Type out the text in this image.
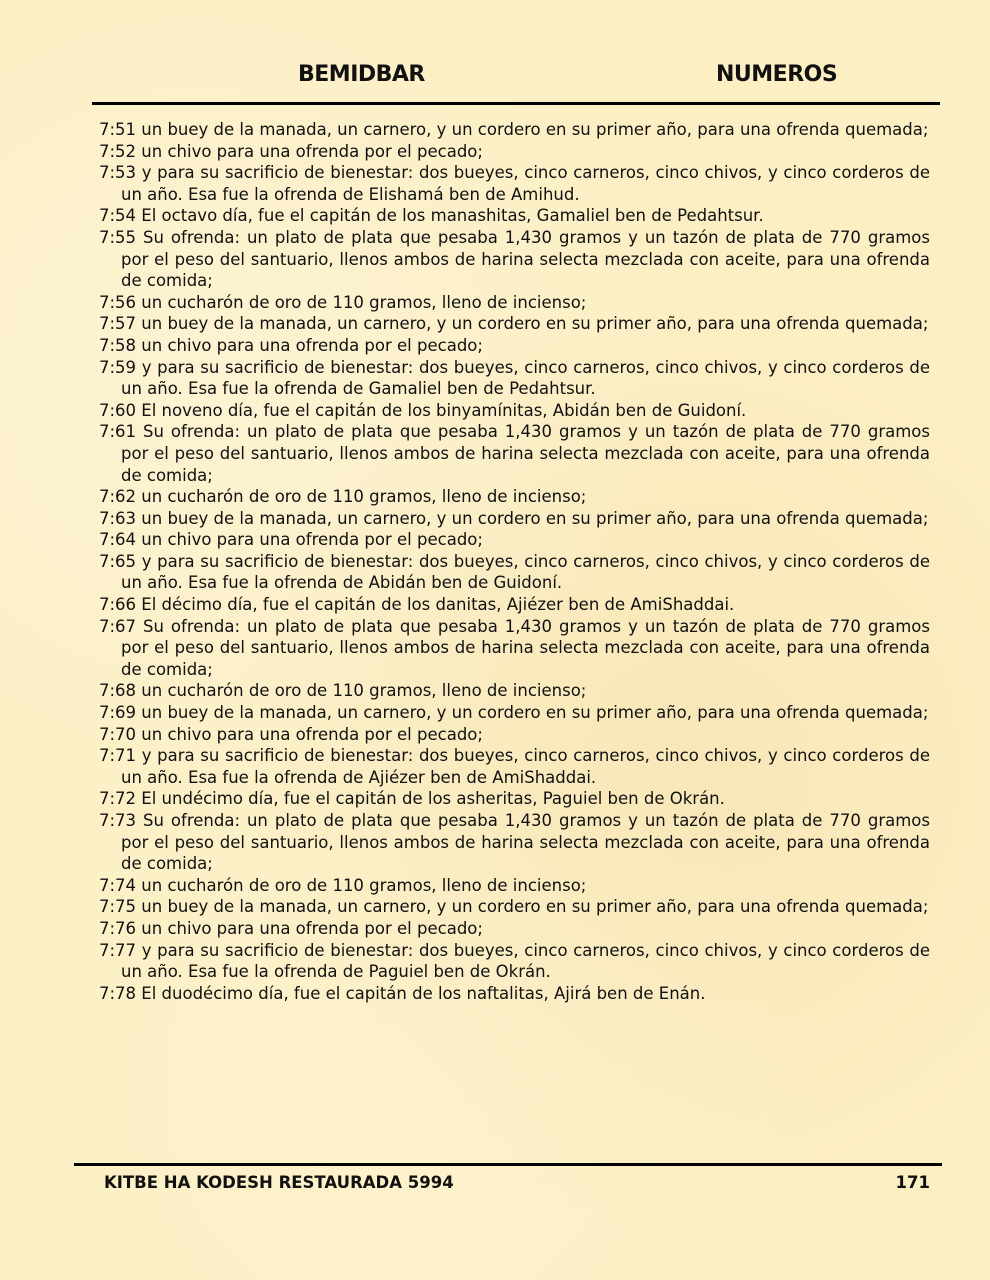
BEMIDBAR	NUMEROS

7:51 un buey de la manada, un carnero, y un cordero en su primer año, para una ofrenda quemada;

7:52 un chivo para una ofrenda por el pecado;

7:53 y para su sacrificio de bienestar: dos bueyes, cinco carneros, cinco chivos, y cinco corderos de un año. Esa fue la ofrenda de Elishamá ben de Amihud.

7:54 El octavo día, fue el capitán de los manashitas, Gamaliel ben de Pedahtsur.

7:55 Su ofrenda: un plato de plata que pesaba 1,430 gramos y un tazón de plata de 770 gramos por el peso del santuario, llenos ambos de harina selecta mezclada con aceite, para una ofrenda de comida;

7:56 un cucharón de oro de 110 gramos, lleno de incienso;

7:57 un buey de la manada, un carnero, y un cordero en su primer año, para una ofrenda quemada;

7:58 un chivo para una ofrenda por el pecado;

7:59 y para su sacrificio de bienestar: dos bueyes, cinco carneros, cinco chivos, y cinco corderos de un año. Esa fue la ofrenda de Gamaliel ben de Pedahtsur.

7:60 El noveno día, fue el capitán de los binyamínitas, Abidán ben de Guidoní.

7:61 Su ofrenda: un plato de plata que pesaba 1,430 gramos y un tazón de plata de 770 gramos por el peso del santuario, llenos ambos de harina selecta mezclada con aceite, para una ofrenda de comida;

7:62 un cucharón de oro de 110 gramos, lleno de incienso;

7:63 un buey de la manada, un carnero, y un cordero en su primer año, para una ofrenda quemada;

7:64 un chivo para una ofrenda por el pecado;

7:65 y para su sacrificio de bienestar: dos bueyes, cinco carneros, cinco chivos, y cinco corderos de un año. Esa fue la ofrenda de Abidán ben de Guidoní.

7:66 El décimo día, fue el capitán de los danitas, Ajiézer ben de AmiShaddai.

7:67 Su ofrenda: un plato de plata que pesaba 1,430 gramos y un tazón de plata de 770 gramos por el peso del santuario, llenos ambos de harina selecta mezclada con aceite, para una ofrenda de comida;

7:68 un cucharón de oro de 110 gramos, lleno de incienso;

7:69 un buey de la manada, un carnero, y un cordero en su primer año, para una ofrenda quemada;

7:70 un chivo para una ofrenda por el pecado;

7:71 y para su sacrificio de bienestar: dos bueyes, cinco carneros, cinco chivos, y cinco corderos de un año. Esa fue la ofrenda de Ajiézer ben de AmiShaddai.

7:72 El undécimo día, fue el capitán de los asheritas, Paguiel ben de Okrán.

7:73 Su ofrenda: un plato de plata que pesaba 1,430 gramos y un tazón de plata de 770 gramos por el peso del santuario, llenos ambos de harina selecta mezclada con aceite, para una ofrenda de comida;

7:74 un cucharón de oro de 110 gramos, lleno de incienso;

7:75 un buey de la manada, un carnero, y un cordero en su primer año, para una ofrenda quemada;

7:76 un chivo para una ofrenda por el pecado;

7:77 y para su sacrificio de bienestar: dos bueyes, cinco carneros, cinco chivos, y cinco corderos de un año. Esa fue la ofrenda de Paguiel ben de Okrán.

7:78 El duodécimo día, fue el capitán de los naftalitas, Ajirá ben de Enán.

KITBE HA KODESH RESTAURADA 5994	171
